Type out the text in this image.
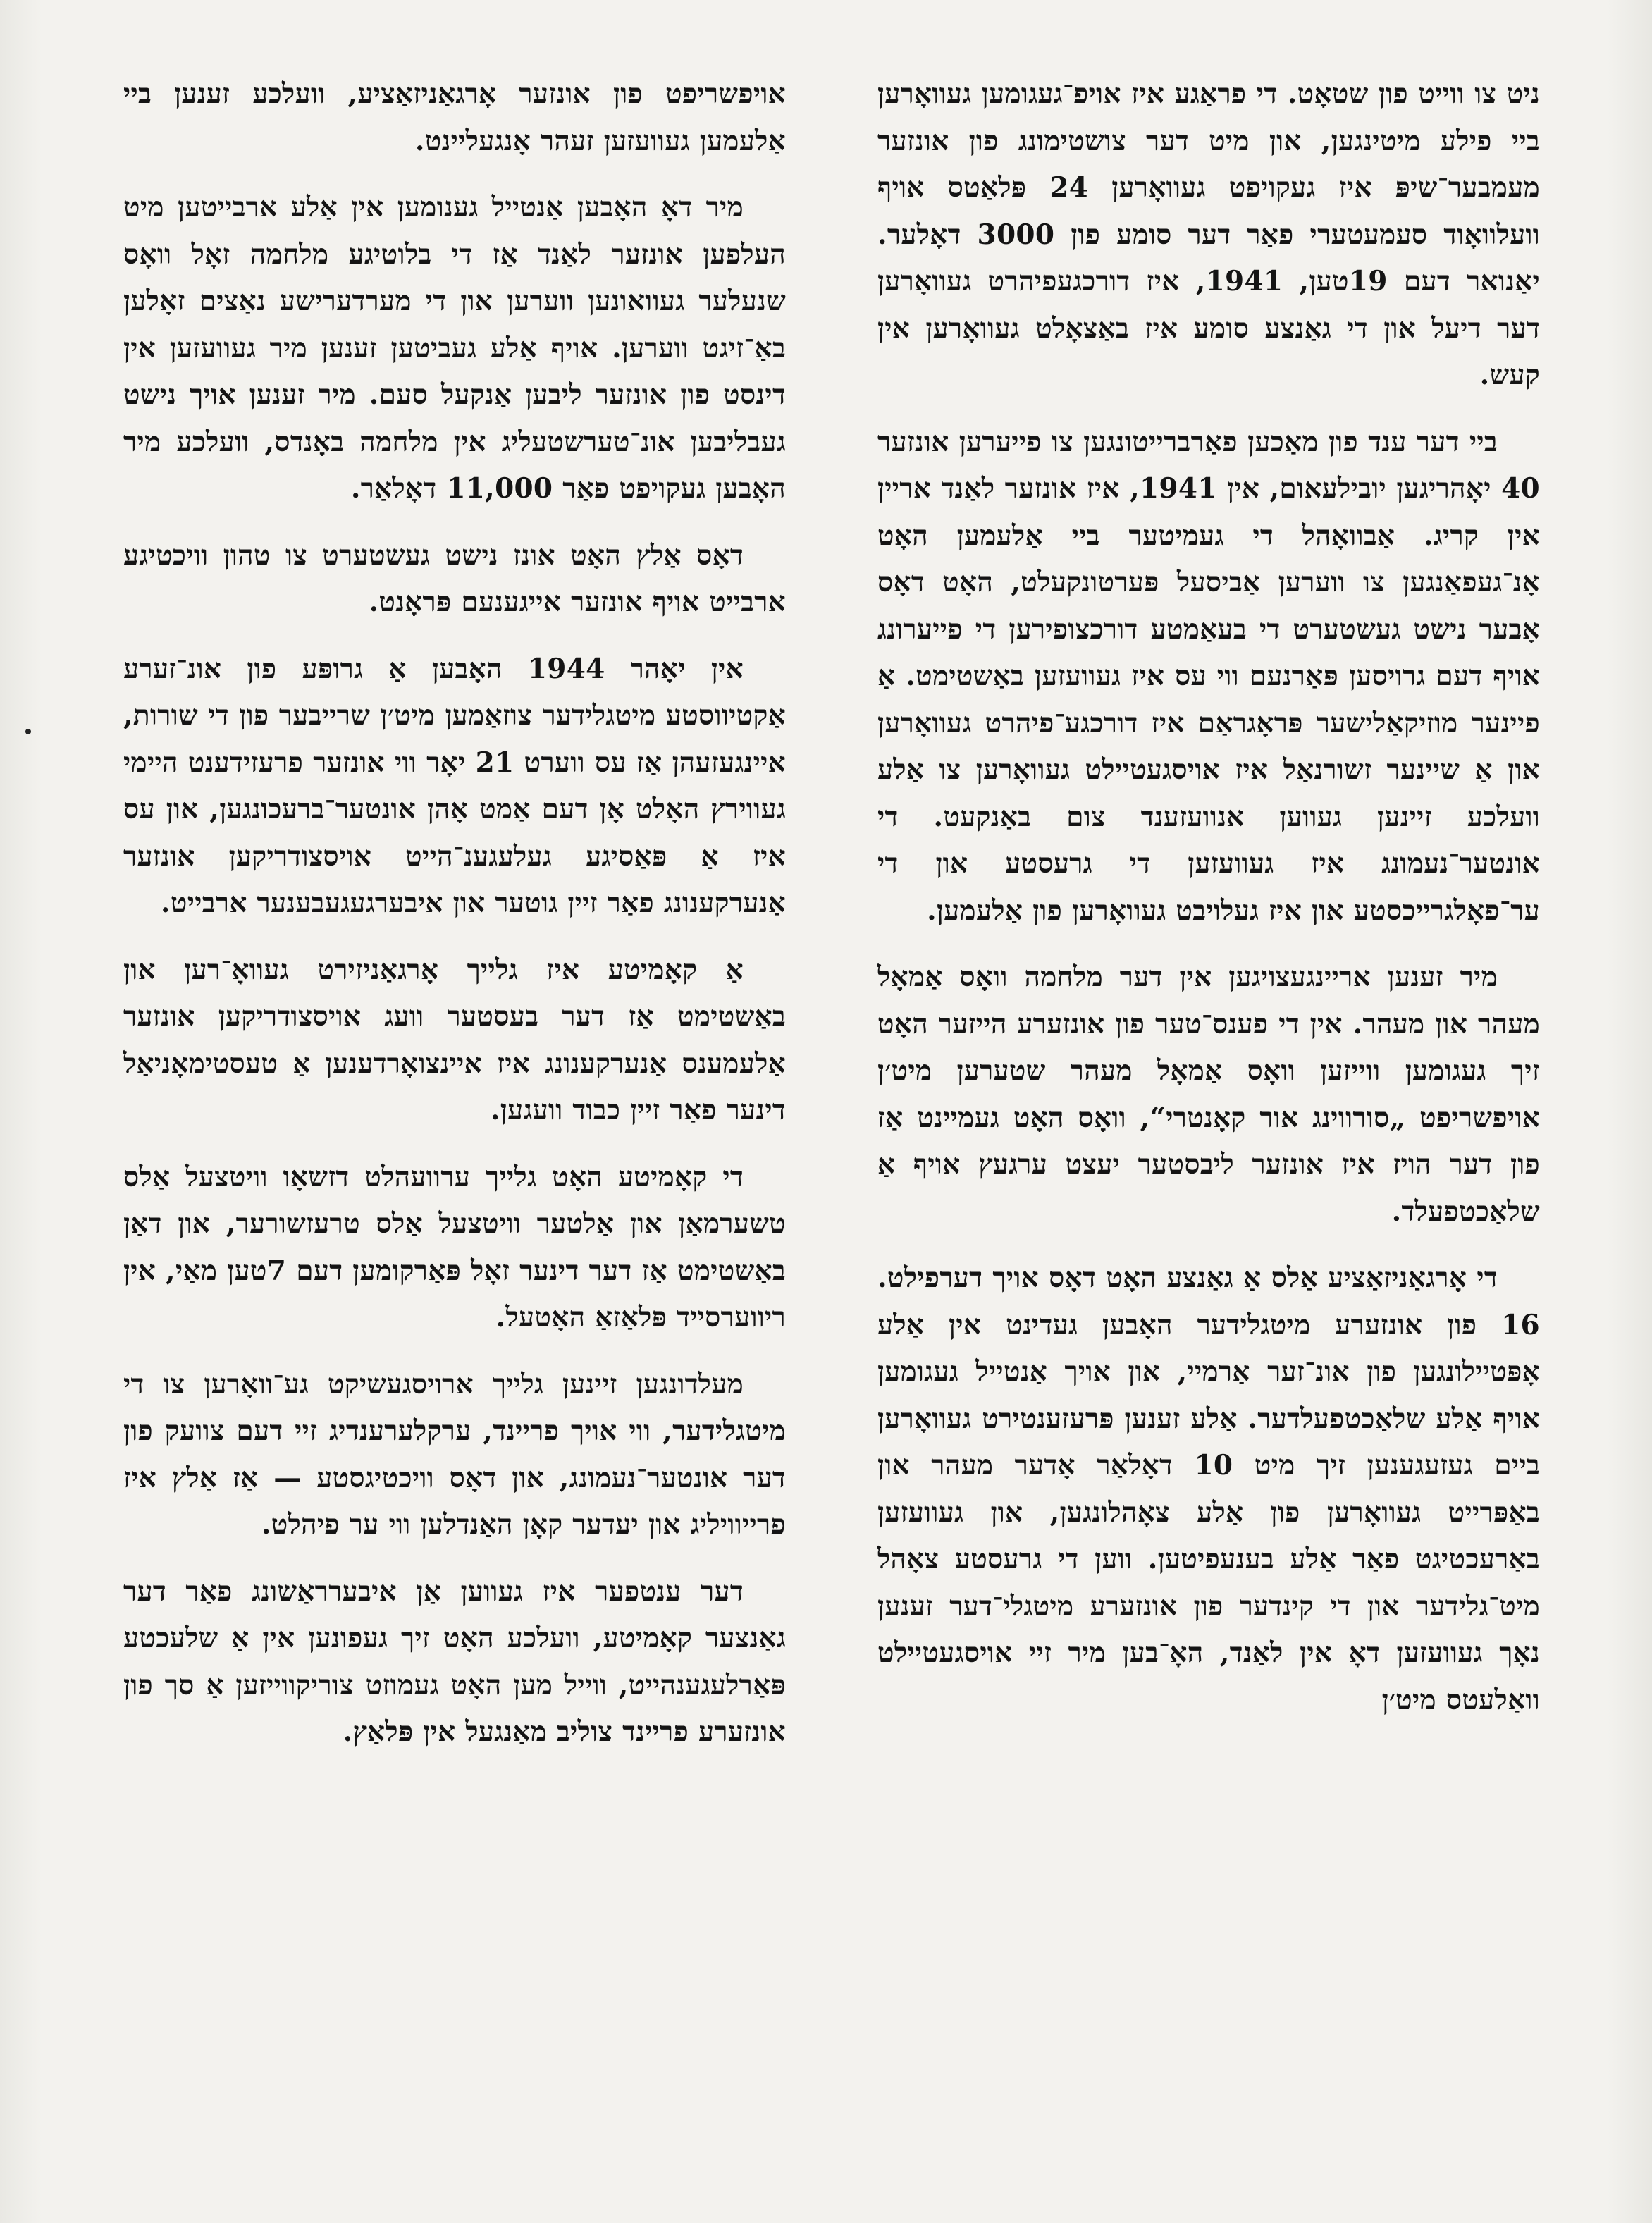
ניט צו ווייט פון שטאָט. די פראַגע איז אויפ־געגומען געוואָרען ביי פילע מיטינגען, און מיט דער צושטימונג פון אונזער מעמבער־שיפּ איז געקויפט געוואָרען 24 פּלאַטס אויף וועלוואָוד סעמעטערי פאַר דער סומע פון 3000 דאָלער. יאַנואר דעם 19טען, 1941, איז דורכגעפיהרט געוואָרען דער דיעל און די גאַנצע סומע איז באַצאָלט געוואָרען אין קעש.

ביי דער ענד פון מאַכען פאַרברייטונגען צו פייערען אונזער 40 יאָהריגען יובילעאום, אין 1941, איז אונזער לאַנד אריין אין קריג. אַבוואָהל די געמיטער ביי אַלעמען האָט אָנ־געפאַנגען צו ווערען אַביסעל פּערטונקעלט, האָט דאָס אָבער נישט געשטערט די בעאַמטע דורכצופירען די פייערונג אויף דעם גרויסען פּאַרנעם ווי עס איז געוועזען באַשטימט. אַ פיינער מוזיקאַלישער פּראָגראַם איז דורכגע־פיהרט געוואָרען און אַ שיינער זשורנאַל איז אויסגעטיילט געוואָרען צו אַלע וועלכע זיינען געווען אנוועזענד צום באַנקעט. די אונטער־נעמונג איז געוועזען די גרעסטע און די ער־פאָלגרייכסטע און איז געלויבט געוואָרען פון אַלעמען.

מיר זענען אריינגעצויגען אין דער מלחמה וואָס אַמאָל מעהר און מעהר. אין די פענס־טער פון אונזערע הייזער האָט זיך געגומען ווייזען וואָס אַמאָל מעהר שטערען מיט׳ן אויפשריפט „סורווינג אור קאָנטרי“, וואָס האָט געמיינט אַז פון דער הויז איז אונזער ליבסטער יעצט ערגעץ אויף אַ שלאַכטפעלד.

די אָרגאַניזאַציע אַלס אַ גאַנצע האָט דאָס אויך דערפילט. 16 פון אונזערע מיטגלידער האָבען געדינט אין אַלע אָפּטיילונגען פון אונ־זער אַרמיי, און אויך אַנטייל געגומען אויף אַלע שלאַכטפעלדער. אַלע זענען פּרעזענטירט געוואָרען ביים געזעגענען זיך מיט 10 דאָלאַר אָדער מעהר און באַפּרייט געוואָרען פון אַלע צאָהלונגען, און געוועזען באַרעכטיגט פאַר אַלע בענעפיטען. ווען די גרעסטע צאָהל מיט־גלידער און די קינדער פון אונזערע מיטגלי־דער זענען נאָך געוועזען דאָ אין לאַנד, האָ־בען מיר זיי אויסגעטיילט וואַלעטס מיט׳ן

אויפשריפט פון אונזער אָרגאַניזאַציע, וועלכע זענען ביי אַלעמען געוועזען זעהר אָנגעליינט.

מיר דאָ האָבען אַנטייל גענומען אין אַלע ארבייטען מיט העלפען אונזער לאַנד אַז די בלוטיגע מלחמה זאָל וואָס שנעלער געוואונען ווערען און די מערדערישע נאַצים זאָלען באַ־זיגט ווערען. אויף אַלע געביטען זענען מיר געוועזען אין דינסט פון אונזער ליבען אַנקעל סעם. מיר זענען אויך נישט געבליבען אונ־טערשטעליג אין מלחמה באָנדס, וועלכע מיר האָבען געקויפט פאַר 11,000 דאָלאַר.

דאָס אַלץ האָט אונז נישט געשטערט צו טהון וויכטיגע ארבייט אויף אונזער אייגענעם פּראָנט.

אין יאָהר 1944 האָבען אַ גרופּע פון אונ־זערע אַקטיווסטע מיטגלידער צוזאַמען מיט׳ן שרייבער פון די שורות, איינגעזעהן אַז עס ווערט 21 יאָר ווי אונזער פרעזידענט היימי געווירץ האָלט אָן דעם אַמט אָהן אונטער־ברעכונגען, און עס איז אַ פּאַסיגע געלעגענ־הייט אויסצודריקען אונזער אַנערקענונג פאַר זיין גוטער און איבערגעגעבענער ארבייט.

אַ קאָמיטע איז גלייך אָרגאַניזירט געוואָ־רען און באַשטימט אַז דער בעסטער וועג אויסצודריקען אונזער אַלעמענס אַנערקענונג איז איינצואָרדענען אַ טעסטימאָניאַל דינער פאַר זיין כבוד וועגען.

די קאָמיטע האָט גלייך ערוועהלט דזשאָו וויטצעל אַלס טשערמאַן און אַלטער וויטצעל אַלס טרעזשורער, און דאַן באַשטימט אַז דער דינער זאָל פּאַרקומען דעם 7טען מאַי, אין ריווערסייד פּלאַזאַ האָטעל.

מעלדונגען זיינען גלייך ארויסגעשיקט גע־וואָרען צו די מיטגלידער, ווי אויך פריינד, ערקלערענדיג זיי דעם צוועק פון דער אונטער־נעמונג, און דאָס וויכטיגסטע — אַז אַלץ איז פרייוויליג און יעדער קאָן האַנדלען ווי ער פיהלט.

דער ענטפער איז געווען אַן איבערראַשונג פאַר דער גאַנצער קאָמיטע, וועלכע האָט זיך געפונען אין אַ שלעכטע פּאַרלעגענהייט, ווייל מען האָט געמוזט צוריקווייזען אַ סך פון אונזערע פריינד צוליב מאַנגעל אין פּלאַץ.
